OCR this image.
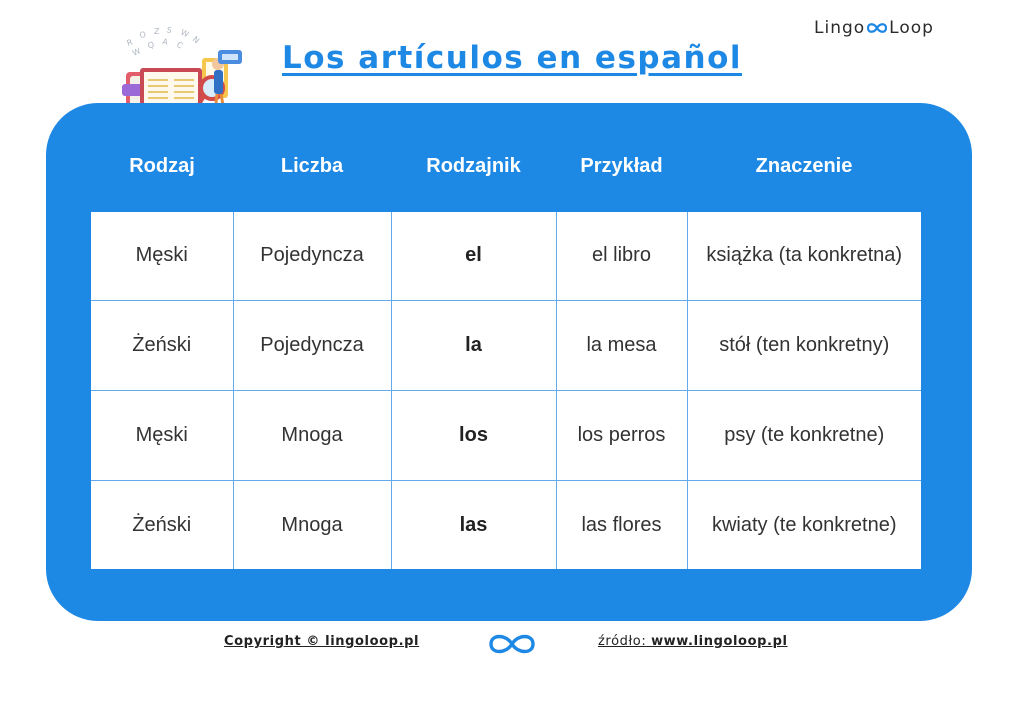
Lingo Loop
R
O Z S W
N
W
Q A C	Los artículos en español
Rodzaj	Liczba	Rodzajnik	Przykład	Znaczenie
Męski	Pojedyncza	el	el libro	książka (ta konkretna)
Żeński	Pojedyncza	la	la mesa	stół (ten konkretny)
Męski	Mnoga	los	los perros	psy (te konkretne)
Żeński	Mnoga	las	las flores	kwiaty (te konkretne)
Copyright © lingoloop.pl	źródło: www.lingoloop.pl
